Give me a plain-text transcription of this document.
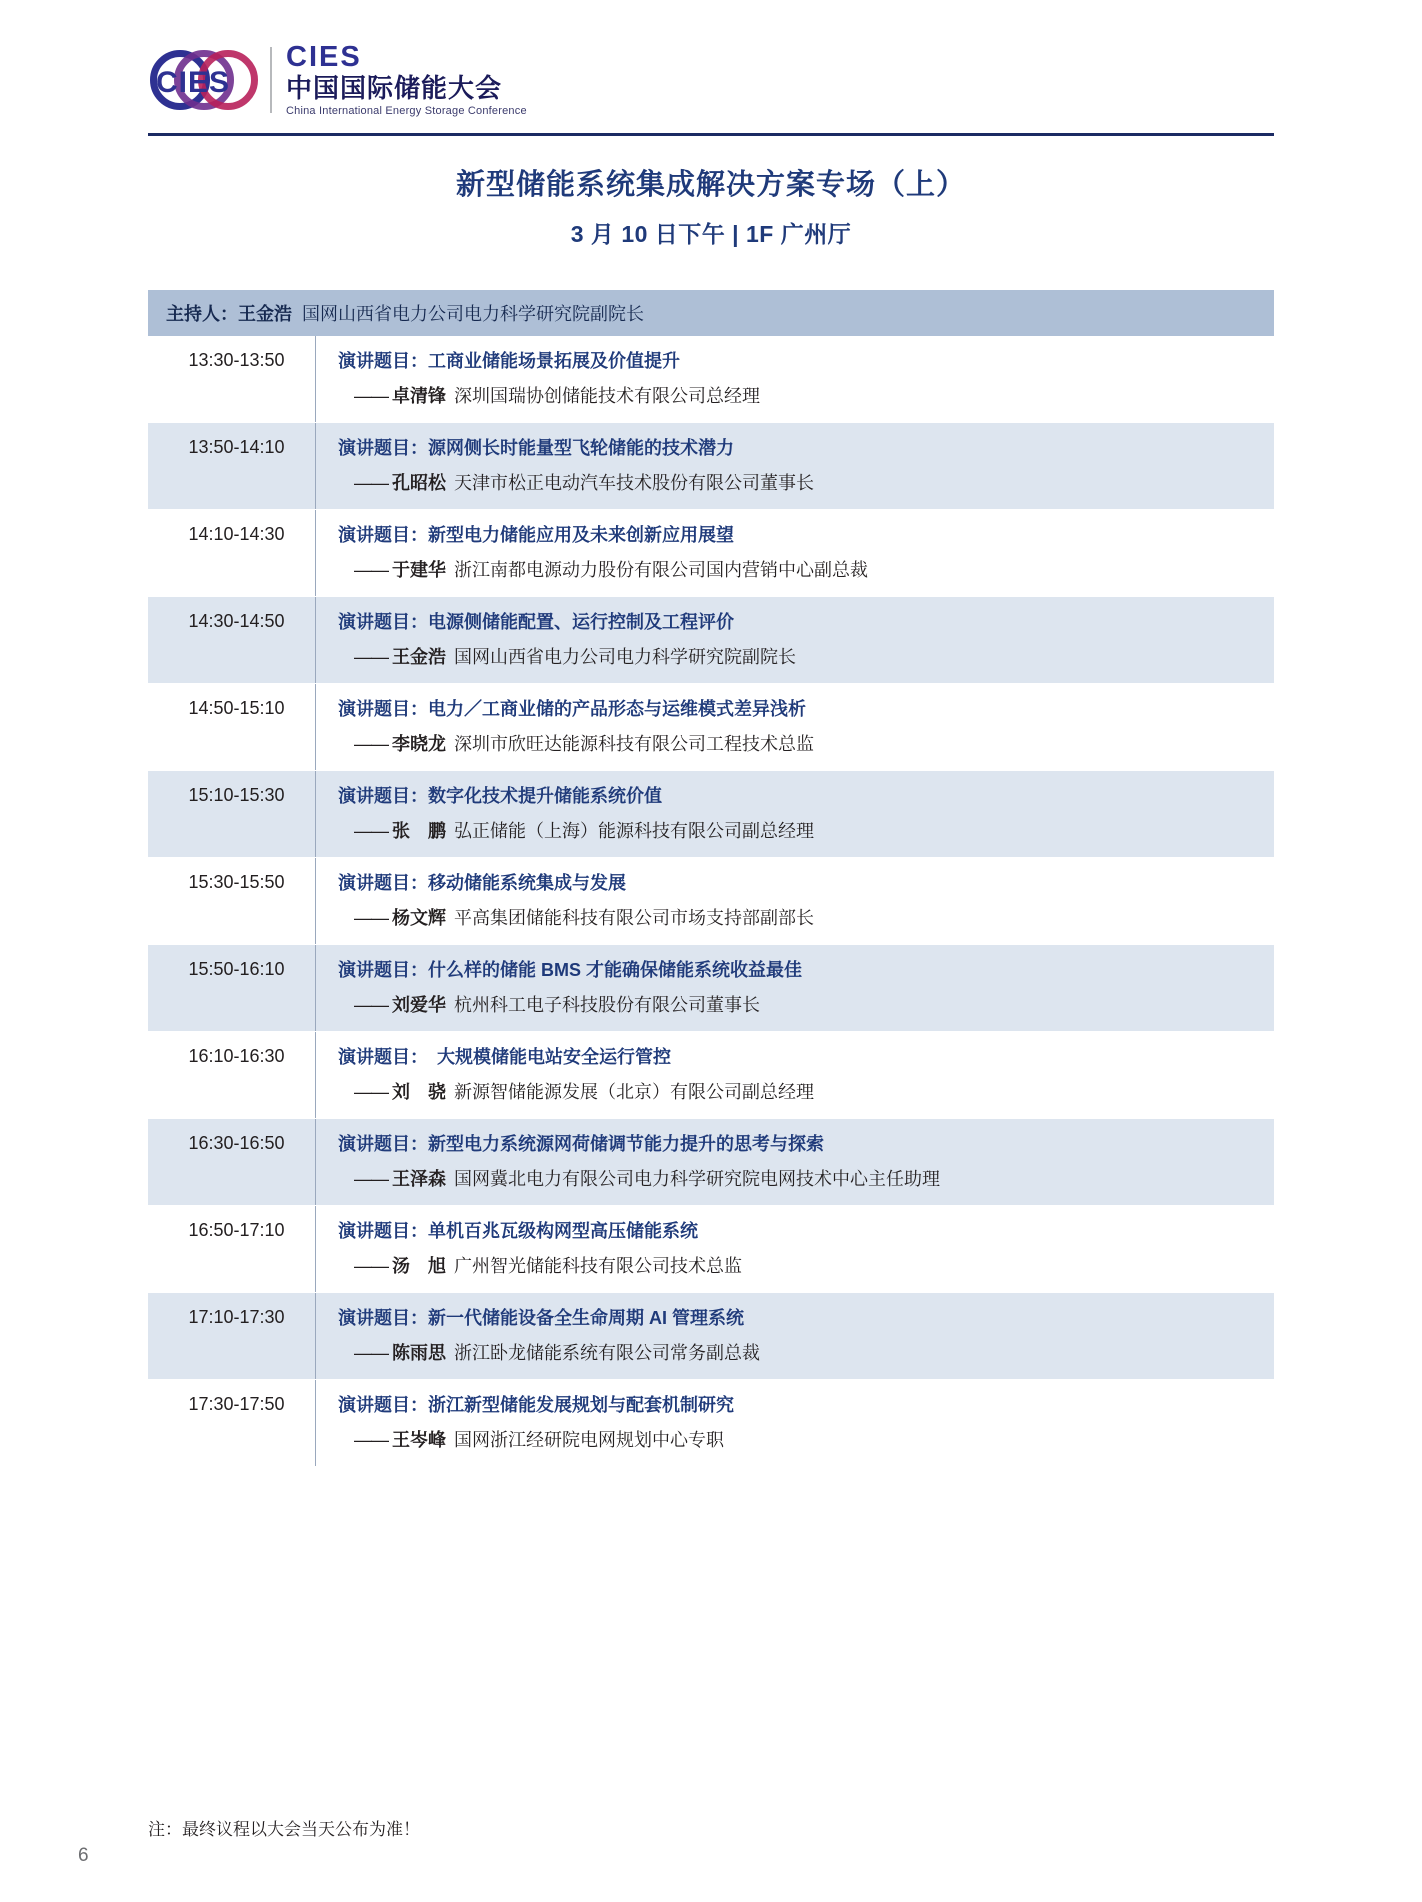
CIES
CIES
中国国际储能大会
China International Energy Storage Conference
新型储能系统集成解决方案专场（上）
3 月 10 日下午 | 1F 广州厅
主持人： 王金浩 国网山西省电力公司电力科学研究院副院长
13:30-13:50	演讲题目：工商业储能场景拓展及价值提升
—— 卓清锋 深圳国瑞协创储能技术有限公司总经理
13:50-14:10	演讲题目：源网侧长时能量型飞轮储能的技术潜力
—— 孔昭松 天津市松正电动汽车技术股份有限公司董事长
14:10-14:30	演讲题目：新型电力储能应用及未来创新应用展望
—— 于建华 浙江南都电源动力股份有限公司国内营销中心副总裁
14:30-14:50	演讲题目：电源侧储能配置、运行控制及工程评价
—— 王金浩 国网山西省电力公司电力科学研究院副院长
14:50-15:10	演讲题目：电力／工商业储的产品形态与运维模式差异浅析
—— 李晓龙 深圳市欣旺达能源科技有限公司工程技术总监
15:10-15:30	演讲题目：数字化技术提升储能系统价值
—— 张　鹏 弘正储能（上海）能源科技有限公司副总经理
15:30-15:50	演讲题目：移动储能系统集成与发展
—— 杨文辉 平高集团储能科技有限公司市场支持部副部长
15:50-16:10	演讲题目：什么样的储能 BMS 才能确保储能系统收益最佳
—— 刘爱华 杭州科工电子科技股份有限公司董事长
16:10-16:30	演讲题目：　大规模储能电站安全运行管控
—— 刘　骁 新源智储能源发展（北京）有限公司副总经理
16:30-16:50	演讲题目：新型电力系统源网荷储调节能力提升的思考与探索
—— 王泽森 国网冀北电力有限公司电力科学研究院电网技术中心主任助理
16:50-17:10	演讲题目：单机百兆瓦级构网型高压储能系统
—— 汤　旭 广州智光储能科技有限公司技术总监
17:10-17:30	演讲题目：新一代储能设备全生命周期 AI 管理系统
—— 陈雨思 浙江卧龙储能系统有限公司常务副总裁
17:30-17:50	演讲题目：浙江新型储能发展规划与配套机制研究
—— 王岑峰 国网浙江经研院电网规划中心专职
注：最终议程以大会当天公布为准！
6
